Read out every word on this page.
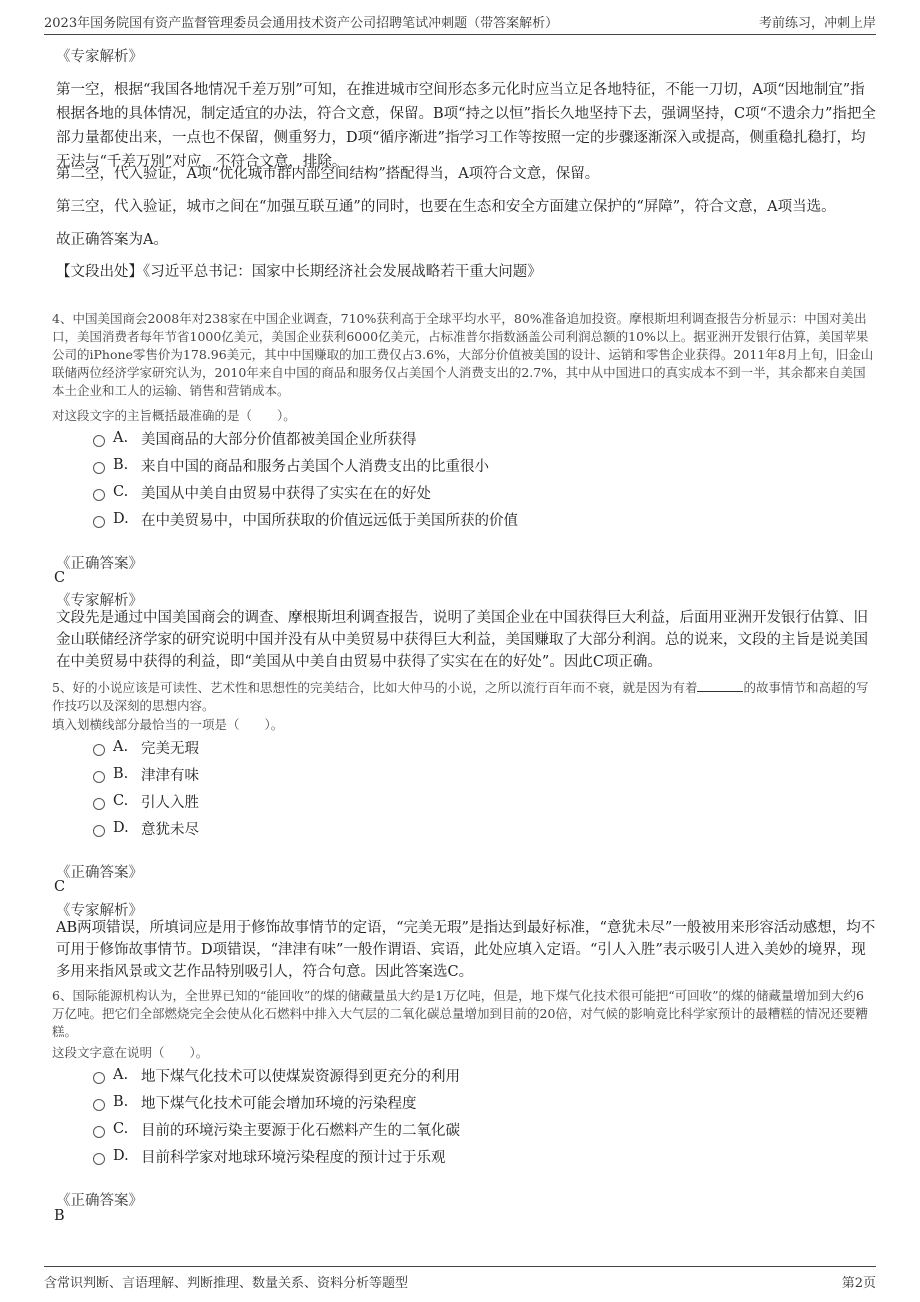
2023年国务院国有资产监督管理委员会通用技术资产公司招聘笔试冲刺题（带答案解析）	考前练习，冲刺上岸
《专家解析》
第一空，根据“我国各地情况千差万别”可知，在推进城市空间形态多元化时应当立足各地特征，不能一刀切，A项“因地制宜”指根据各地的具体情况，制定适宜的办法，符合文意，保留。B项“持之以恒”指长久地坚持下去，强调坚持，C项“不遗余力”指把全部力量都使出来，一点也不保留，侧重努力，D项“循序渐进”指学习工作等按照一定的步骤逐渐深入或提高，侧重稳扎稳打，均无法与“千差万别”对应，不符合文意，排除。
第二空，代入验证，A项“优化城市群内部空间结构”搭配得当，A项符合文意，保留。
第三空，代入验证，城市之间在“加强互联互通”的同时，也要在生态和安全方面建立保护的“屏障”，符合文意，A项当选。
故正确答案为A。
【文段出处】《习近平总书记：国家中长期经济社会发展战略若干重大问题》
4、中国美国商会2008年对238家在中国企业调查，710%获利高于全球平均水平，80%准备追加投资。摩根斯坦利调查报告分析显示：中国对美出口，美国消费者每年节省1000亿美元，美国企业获利6000亿美元，占标准普尔指数涵盖公司利润总额的10%以上。据亚洲开发银行估算，美国苹果公司的iPhone零售价为178.96美元，其中中国赚取的加工费仅占3.6%，大部分价值被美国的设计、运销和零售企业获得。2011年8月上旬，旧金山联储两位经济学家研究认为，2010年来自中国的商品和服务仅占美国个人消费支出的2.7%，其中从中国进口的真实成本不到一半，其余都来自美国本土企业和工人的运输、销售和营销成本。
对这段文字的主旨概括最准确的是（　　）。
A. 美国商品的大部分价值都被美国企业所获得
B. 来自中国的商品和服务占美国个人消费支出的比重很小
C. 美国从中美自由贸易中获得了实实在在的好处
D. 在中美贸易中，中国所获取的价值远远低于美国所获的价值
《正确答案》
C
《专家解析》
文段先是通过中国美国商会的调查、摩根斯坦利调查报告，说明了美国企业在中国获得巨大利益，后面用亚洲开发银行估算、旧金山联储经济学家的研究说明中国并没有从中美贸易中获得巨大利益，美国赚取了大部分利润。总的说来，文段的主旨是说美国在中美贸易中获得的利益，即“美国从中美自由贸易中获得了实实在在的好处”。因此C项正确。
5、好的小说应该是可读性、艺术性和思想性的完美结合，比如大仲马的小说，之所以流行百年而不衰，就是因为有着	的故事情节和高超的写作技巧以及深刻的思想内容。
填入划横线部分最恰当的一项是（　　）。
A. 完美无瑕
B. 津津有味
C. 引人入胜
D. 意犹未尽
《正确答案》
C
《专家解析》
AB两项错误，所填词应是用于修饰故事情节的定语，“完美无瑕”是指达到最好标准，“意犹未尽”一般被用来形容活动感想，均不可用于修饰故事情节。D项错误，“津津有味”一般作谓语、宾语，此处应填入定语。“引人入胜”表示吸引人进入美妙的境界，现多用来指风景或文艺作品特别吸引人，符合句意。因此答案选C。
6、国际能源机构认为，全世界已知的“能回收”的煤的储藏量虽大约是1万亿吨，但是，地下煤气化技术很可能把“可回收”的煤的储藏量增加到大约6万亿吨。把它们全部燃烧完全会使从化石燃料中排入大气层的二氧化碳总量增加到目前的20倍，对气候的影响竟比科学家预计的最糟糕的情况还要糟糕。
这段文字意在说明（　　）。
A. 地下煤气化技术可以使煤炭资源得到更充分的利用
B. 地下煤气化技术可能会增加环境的污染程度
C. 目前的环境污染主要源于化石燃料产生的二氧化碳
D. 目前科学家对地球环境污染程度的预计过于乐观
《正确答案》
B
含常识判断、言语理解、判断推理、数量关系、资料分析等题型	第2页
